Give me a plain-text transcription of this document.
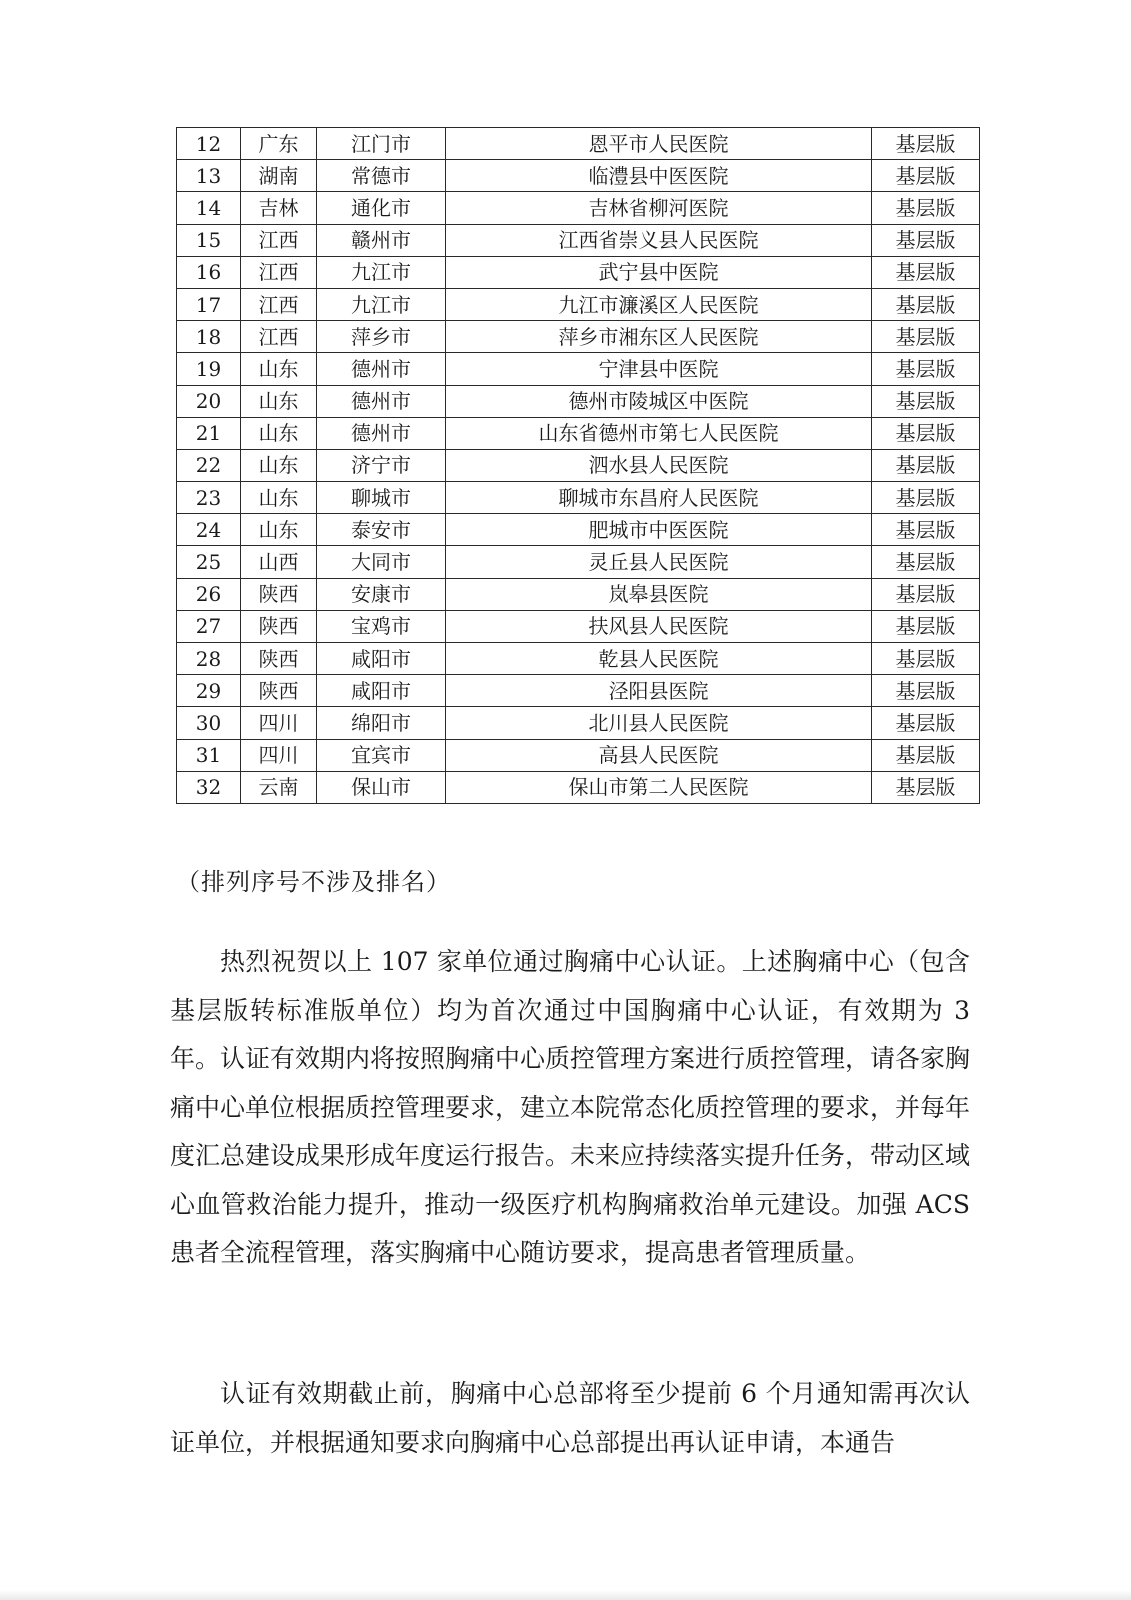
12	广东	江门市	恩平市人民医院	基层版
13	湖南	常德市	临澧县中医医院	基层版
14	吉林	通化市	吉林省柳河医院	基层版
15	江西	赣州市	江西省崇义县人民医院	基层版
16	江西	九江市	武宁县中医院	基层版
17	江西	九江市	九江市濂溪区人民医院	基层版
18	江西	萍乡市	萍乡市湘东区人民医院	基层版
19	山东	德州市	宁津县中医院	基层版
20	山东	德州市	德州市陵城区中医院	基层版
21	山东	德州市	山东省德州市第七人民医院	基层版
22	山东	济宁市	泗水县人民医院	基层版
23	山东	聊城市	聊城市东昌府人民医院	基层版
24	山东	泰安市	肥城市中医医院	基层版
25	山西	大同市	灵丘县人民医院	基层版
26	陕西	安康市	岚皋县医院	基层版
27	陕西	宝鸡市	扶风县人民医院	基层版
28	陕西	咸阳市	乾县人民医院	基层版
29	陕西	咸阳市	泾阳县医院	基层版
30	四川	绵阳市	北川县人民医院	基层版
31	四川	宜宾市	高县人民医院	基层版
32	云南	保山市	保山市第二人民医院	基层版
（排列序号不涉及排名）

热烈祝贺以上 107 家单位通过胸痛中心认证。上述胸痛中心（包含基层版转标准版单位）均为首次通过中国胸痛中心认证，有效期为 3 年。认证有效期内将按照胸痛中心质控管理方案进行质控管理，请各家胸痛中心单位根据质控管理要求，建立本院常态化质控管理的要求，并每年度汇总建设成果形成年度运行报告。未来应持续落实提升任务，带动区域心血管救治能力提升，推动一级医疗机构胸痛救治单元建设。加强 ACS 患者全流程管理，落实胸痛中心随访要求，提高患者管理质量。

认证有效期截止前，胸痛中心总部将至少提前 6 个月通知需再次认证单位，并根据通知要求向胸痛中心总部提出再认证申请，本通告
